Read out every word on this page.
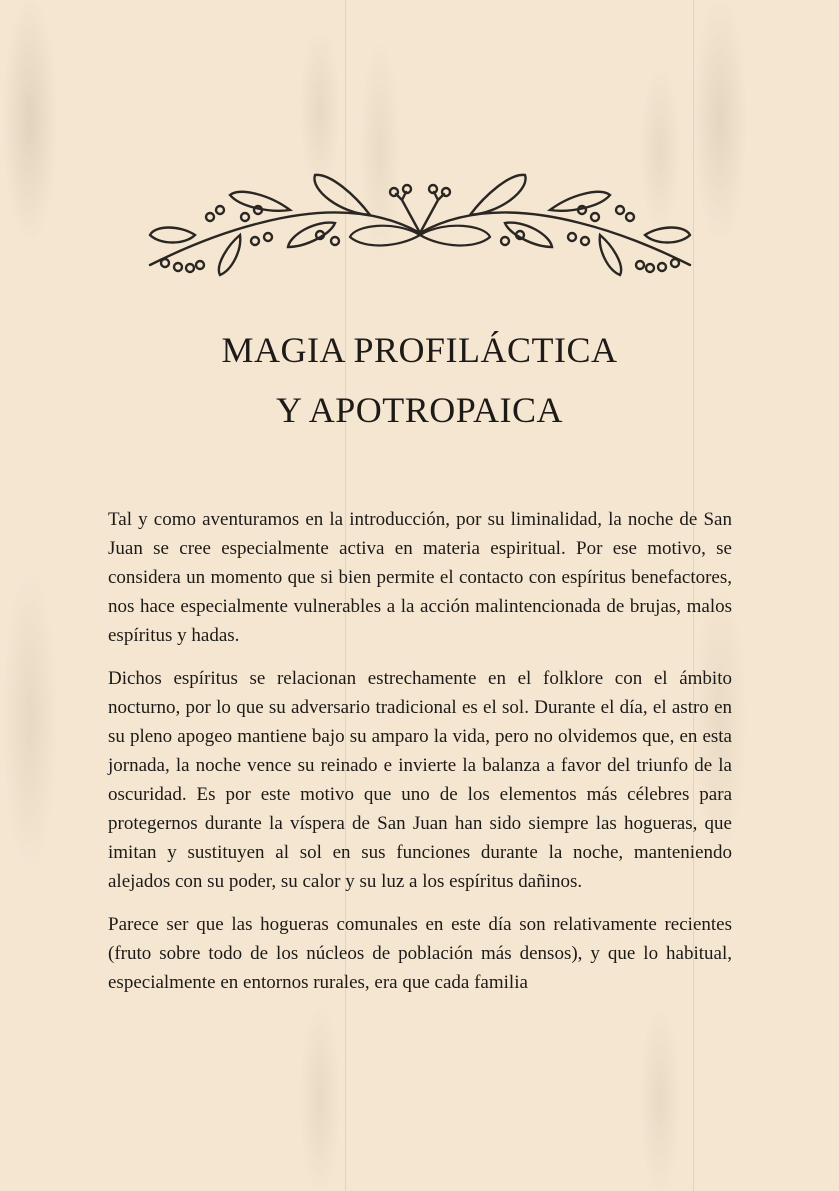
MAGIA PROFILÁCTICA
Y APOTROPAICA

Tal y como aventuramos en la introducción, por su liminalidad, la noche de San Juan se cree especialmente activa en materia espiritual. Por ese motivo, se considera un momento que si bien permite el contacto con espíritus benefactores, nos hace especialmente vulnerables a la acción malintencionada de brujas, malos espíritus y hadas.

Dichos espíritus se relacionan estrechamente en el folklore con el ámbito nocturno, por lo que su adversario tradicional es el sol. Durante el día, el astro en su pleno apogeo mantiene bajo su amparo la vida, pero no olvidemos que, en esta jornada, la noche vence su reinado e invierte la balanza a favor del triunfo de la oscuridad. Es por este motivo que uno de los elementos más célebres para protegernos durante la víspera de San Juan han sido siempre las hogueras, que imitan y sustituyen al sol en sus funciones durante la noche, manteniendo alejados con su poder, su calor y su luz a los espíritus dañinos.

Parece ser que las hogueras comunales en este día son relativamente recientes (fruto sobre todo de los núcleos de población más densos), y que lo habitual, especialmente en entornos rurales, era que cada familia
